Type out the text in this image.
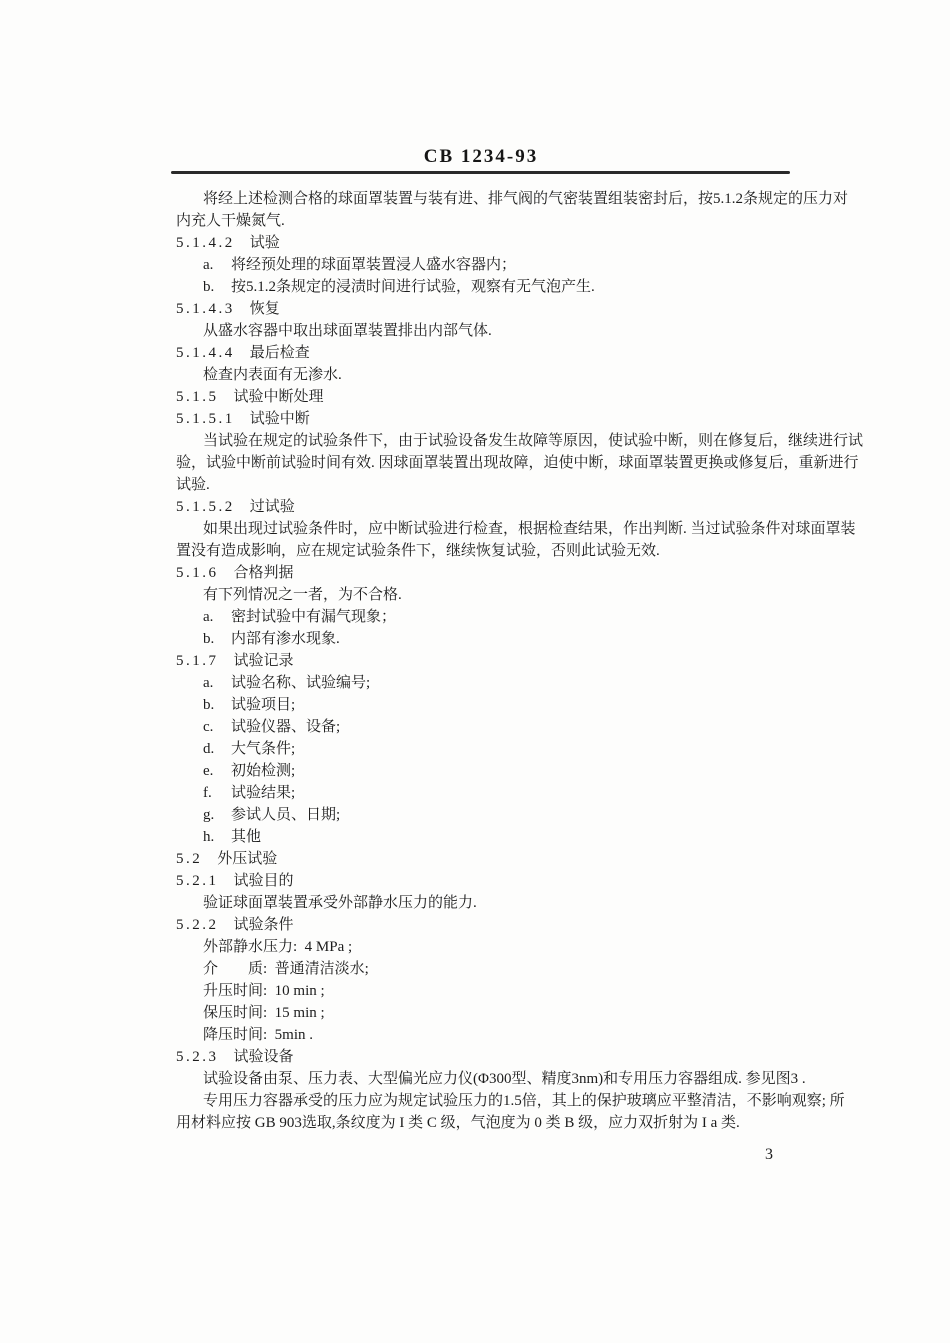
CB 1234-93
将经上述检测合格的球面罩装置与装有进、排气阀的气密装置组装密封后，按5.1.2条规定的压力对
内充人干燥氮气.
5.1.4.2 试验
a. 将经预处理的球面罩装置浸人盛水容器内；
b. 按5.1.2条规定的浸渍时间进行试验，观察有无气泡产生.
5.1.4.3 恢复
从盛水容器中取出球面罩装置排出内部气体.
5.1.4.4 最后检查
检查内表面有无渗水.
5.1.5 试验中断处理
5.1.5.1 试验中断
当试验在规定的试验条件下，由于试验设备发生故障等原因，使试验中断，则在修复后，继续进行试
验，试验中断前试验时间有效. 因球面罩装置出现故障，迫使中断，球面罩装置更换或修复后，重新进行
试验.
5.1.5.2 过试验
如果出现过试验条件时，应中断试验进行检查，根据检查结果，作出判断. 当过试验条件对球面罩装
置没有造成影响，应在规定试验条件下，继续恢复试验，否则此试验无效.
5.1.6 合格判据
有下列情况之一者，为不合格.
a. 密封试验中有漏气现象；
b. 内部有渗水现象.
5.1.7 试验记录
a. 试验名称、试验编号;
b. 试验项目;
c. 试验仪器、设备;
d. 大气条件;
e. 初始检测;
f. 试验结果;
g. 参试人员、日期;
h. 其他
5.2 外压试验
5.2.1 试验目的
验证球面罩装置承受外部静水压力的能力.
5.2.2 试验条件
外部静水压力:  4 MPa ;
介　　质:  普通清洁淡水;
升压时间:  10 min ;
保压时间:  15 min ;
降压时间:  5min .
5.2.3 试验设备
试验设备由泵、压力表、大型偏光应力仪(Φ300型、精度3nm)和专用压力容器组成. 参见图3 .
专用压力容器承受的压力应为规定试验压力的1.5倍，其上的保护玻璃应平整清洁，不影响观察; 所
用材料应按 GB 903选取,条纹度为 I 类 C 级，气泡度为 0 类 B 级，应力双折射为 I a 类.
3
